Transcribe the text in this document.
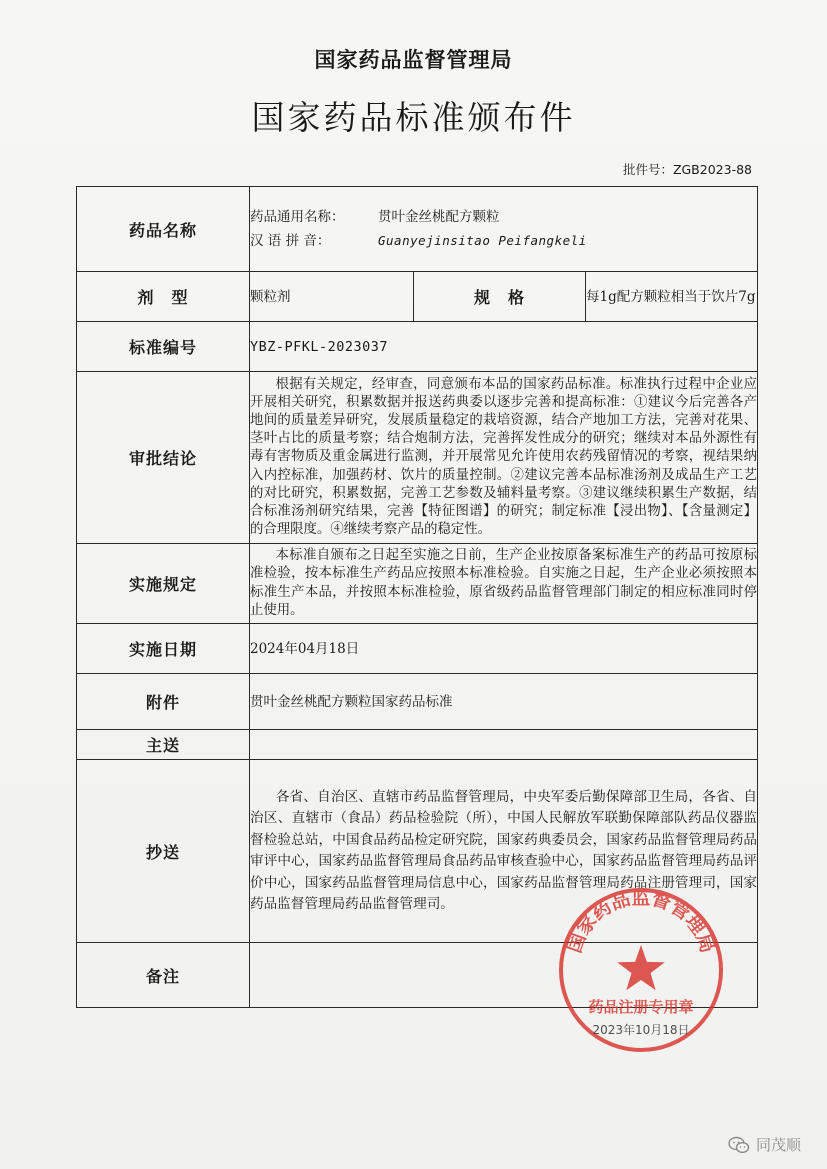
国家药品监督管理局
国家药品标准颁布件
批件号：ZGB2023-88
药品名称	药品通用名称： 贯叶金丝桃配方颗粒
汉 语 拼 音： Guanyejinsitao Peifangkeli		

剂　型	颗粒剂	规　格	每1g配方颗粒相当于饮片7g
标准编号	YBZ-PFKL-2023037		
审批结论	根据有关规定，经审查，同意颁布本品的国家药品标准。标准执行过程中企业应开展相关研究，积累数据并报送药典委以逐步完善和提高标准：①建议今后完善各产地间的质量差异研究，发展质量稳定的栽培资源，结合产地加工方法，完善对花果、茎叶占比的质量考察；结合炮制方法，完善挥发性成分的研究；继续对本品外源性有毒有害物质及重金属进行监测，并开展常见允许使用农药残留情况的考察，视结果纳入内控标准，加强药材、饮片的质量控制。②建议完善本品标准汤剂及成品生产工艺的对比研究，积累数据，完善工艺参数及辅料量考察。③建议继续积累生产数据，结合标准汤剂研究结果，完善【特征图谱】的研究；制定标准【浸出物】、【含量测定】的合理限度。④继续考察产品的稳定性。		

实施规定	本标准自颁布之日起至实施之日前，生产企业按原备案标准生产的药品可按原标准检验，按本标准生产药品应按照本标准检验。自实施之日起，生产企业必须按照本标准生产本品，并按照本标准检验，原省级药品监督管理部门制定的相应标准同时停止使用。		

实施日期	2024年04月18日		
附件	贯叶金丝桃配方颗粒国家药品标准		
主送			
抄送	各省、自治区、直辖市药品监督管理局，中央军委后勤保障部卫生局，各省、自治区、直辖市（食品）药品检验院（所），中国人民解放军联勤保障部队药品仪器监督检验总站，中国食品药品检定研究院，国家药典委员会，国家药品监督管理局药品审评中心，国家药品监督管理局食品药品审核查验中心，国家药品监督管理局药品评价中心，国家药品监督管理局信息中心，国家药品监督管理局药品注册管理司，国家药品监督管理局药品监督管理司。		

备注			
国家药品监督管理局
药品注册专用章
2023年10月18日
同茂顺
